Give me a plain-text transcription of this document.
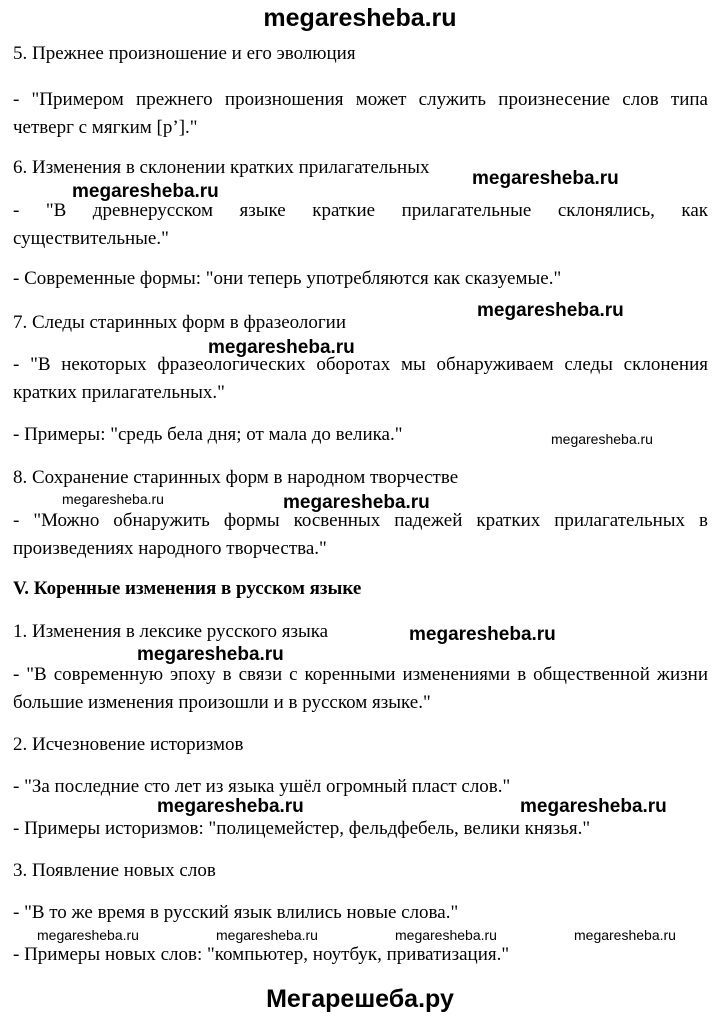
megaresheba.ru
5. Прежнее произношение и его эволюция
- "Примером прежнего произношения может служить произнесение слов типа четверг с мягким [р’]."
6. Изменения в склонении кратких прилагательных
- "В древнерусском языке краткие прилагательные склонялись, как существительные."
- Современные формы: "они теперь употребляются как сказуемые."
7. Следы старинных форм в фразеологии
- "В некоторых фразеологических оборотах мы обнаруживаем следы склонения кратких прилагательных."
- Примеры: "средь бела дня; от мала до велика."
8. Сохранение старинных форм в народном творчестве
- "Можно обнаружить формы косвенных падежей кратких прилагательных в произведениях народного творчества."
V. Коренные изменения в русском языке
1. Изменения в лексике русского языка
- "В современную эпоху в связи с коренными изменениями в общественной жизни большие изменения произошли и в русском языке."
2. Исчезновение историзмов
- "За последние сто лет из языка ушёл огромный пласт слов."
- Примеры историзмов: "полицемейстер, фельдфебель, велики князья."
3. Появление новых слов
- "В то же время в русский язык влились новые слова."
- Примеры новых слов: "компьютер, ноутбук, приватизация."
megaresheba.ru
megaresheba.ru
megaresheba.ru
megaresheba.ru
megaresheba.ru
megaresheba.ru	megaresheba.ru
megaresheba.ru
megaresheba.ru
megaresheba.ru	megaresheba.ru
megaresheba.ru	megaresheba.ru	megaresheba.ru	megaresheba.ru
Мегарешеба.ру
